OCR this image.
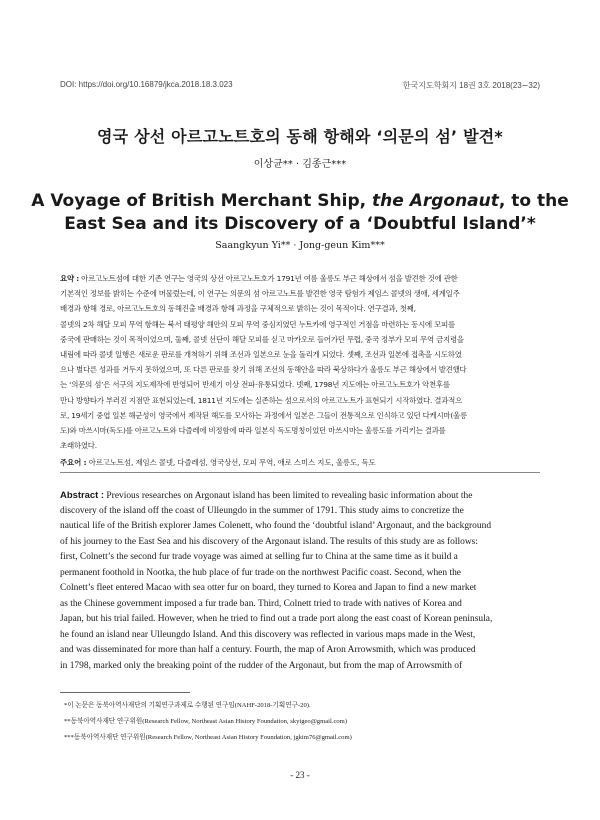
DOI: https://doi.org/10.16879/jkca.2018.18.3.023	한국지도학회지 18권 3호 2018(23∼32)
영국 상선 아르고노트호의 동해 항해와 ‘의문의 섬’ 발견*
이상균** · 김종근***
A Voyage of British Merchant Ship, the Argonaut, to the
East Sea and its Discovery of a ‘Doubtful Island’*
Saangkyun Yi** · Jong-geun Kim***
요약 : 아르고노트섬에 대한 기존 연구는 영국의 상선 아르고노트호가 1791년 여름 울릉도 부근 해상에서 섬을 발견한 것에 관한
기본적인 정보를 밝히는 수준에 머물렀는데, 이 연구는 의문의 섬 아르고노트를 발견한 영국 탐험가 제임스 콜넷의 생애, 세계일주
배경과 항해 경로, 아르고노트호의 동해진출 배경과 항해 과정을 구체적으로 밝히는 것이 목적이다. 연구결과, 첫째,
콜넷의 2차 해달 모피 무역 항해는 북서 태평양 해안의 모피 무역 중심지였던 누트카에 영구적인 거점을 마련하는 동시에 모피를
중국에 판매하는 것이 목적이었으며, 둘째, 콜넷 선단이 해달 모피를 싣고 마카오로 들어가던 무렵, 중국 정부가 모피 무역 금지령을
내림에 따라 콜넷 일행은 새로운 판로를 개척하기 위해 조선과 일본으로 눈을 돌리게 되었다. 셋째, 조선과 일본에 접촉을 시도하였
으나 별다른 성과를 거두지 못하였으며, 또 다른 판로를 찾기 위해 조선의 동해안을 따라 북상하다가 울릉도 부근 해상에서 발견했다
는 ‘의문의 섬’은 서구의 지도제작에 반영되어 반세기 이상 전파·유통되었다. 넷째, 1798년 지도에는 아르고노트호가 악천후를
만나 방향타가 부러진 지점만 표현되었는데, 1811년 지도에는 실존하는 섬으로서의 아르고노트가 표현되기 시작하였다. 결과적으
로, 19세기 중엽 일본 해군성이 영국에서 제작된 해도를 모사하는 과정에서 일본은 그들이 전통적으로 인식하고 있던 다케시마(울릉
도)와 마쓰시마(독도)를 아르고노트와 다즐레에 비정함에 따라 일본식 독도명칭이었던 마쓰시마는 울릉도를 가리키는 결과를
초래하였다.
주요어 : 아르고노트섬, 제임스 콜넷, 다즐레섬, 영국상선, 모피 무역, 애로 스미스 지도, 울릉도, 독도
Abstract : Previous researches on Argonaut island has been limited to revealing basic information about the
discovery of the island off the coast of Ulleungdo in the summer of 1791. This study aims to concretize the
nautical life of the British explorer James Colenett, who found the ‘doubtful island’ Argonaut, and the background
of his journey to the East Sea and his discovery of the Argonaut island. The results of this study are as follows:
first, Colnett’s the second fur trade voyage was aimed at selling fur to China at the same time as it build a
permanent foothold in Nootka, the hub place of fur trade on the northwest Pacific coast. Second, when the
Colnett’s fleet entered Macao with sea otter fur on board, they turned to Korea and Japan to find a new market
as the Chinese government imposed a fur trade ban. Third, Colnett tried to trade with natives of Korea and
Japan, but his trial failed. However, when he tried to find out a trade port along the east coast of Korean peninsula,
he found an island near Ulleungdo Island. And this discovery was reflected in various maps made in the West,
and was disseminated for more than half a century. Fourth, the map of Aron Arrowsmith, which was produced
in 1798, marked only the breaking point of the rudder of the Argonaut, but from the map of Arrowsmith of
*이 논문은 동북아역사재단의 기획연구과제로 수행된 연구임(NAHF-2018-기획연구-20).
**동북아역사재단 연구위원(Research Fellow, Northeast Asian History Foundation, skyigeo@gmail.com)
***동북아역사재단 연구위원(Research Fellow, Northeast Asian History Foundation, jgkim76@gmail.com)
- 23 -
